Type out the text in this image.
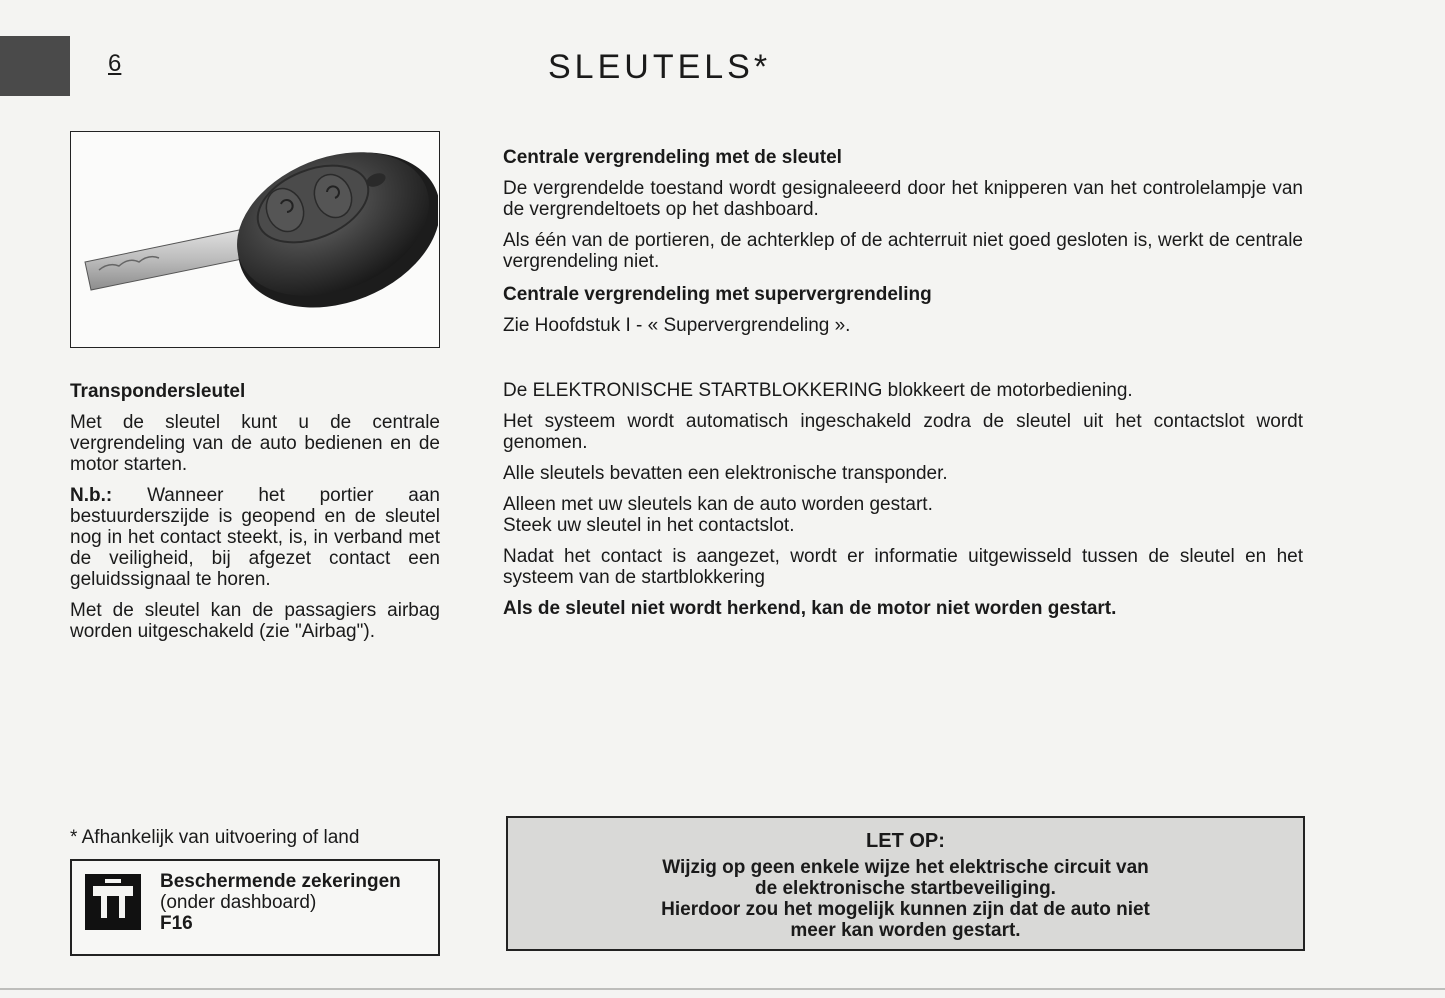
6	SLEUTELS*

Transpondersleutel

Met de sleutel kunt u de centrale vergrendeling van de auto bedienen en de motor starten.

N.b.: Wanneer het portier aan bestuurderszijde is geopend en de sleutel nog in het contact steekt, is, in verband met de veiligheid, bij afgezet contact een geluidssignaal te horen.

Met de sleutel kan de passagiers airbag worden uitgeschakeld (zie "Airbag").

Centrale vergrendeling met de sleutel

De vergrendelde toestand wordt gesignaleeerd door het knipperen van het controlelampje van de vergrendeltoets op het dashboard.

Als één van de portieren, de achterklep of de achterruit niet goed gesloten is, werkt de centrale vergrendeling niet.

Centrale vergrendeling met supervergrendeling

Zie Hoofdstuk I - « Supervergrendeling ».

De ELEKTRONISCHE STARTBLOKKERING blokkeert de motorbediening.

Het systeem wordt automatisch ingeschakeld zodra de sleutel uit het contactslot wordt genomen.

Alle sleutels bevatten een elektronische transponder.

Alleen met uw sleutels kan de auto worden gestart.

Steek uw sleutel in het contactslot.

Nadat het contact is aangezet, wordt er informatie uitgewisseld tussen de sleutel en het systeem van de startblokkering

Als de sleutel niet wordt herkend, kan de motor niet worden gestart.

* Afhankelijk van uitvoering of land
Beschermende zekeringen
(onder dashboard)
F16
LET OP:
Wijzig op geen enkele wijze het elektrische circuit van
de elektronische startbeveiliging.
Hierdoor zou het mogelijk kunnen zijn dat de auto niet
meer kan worden gestart.
